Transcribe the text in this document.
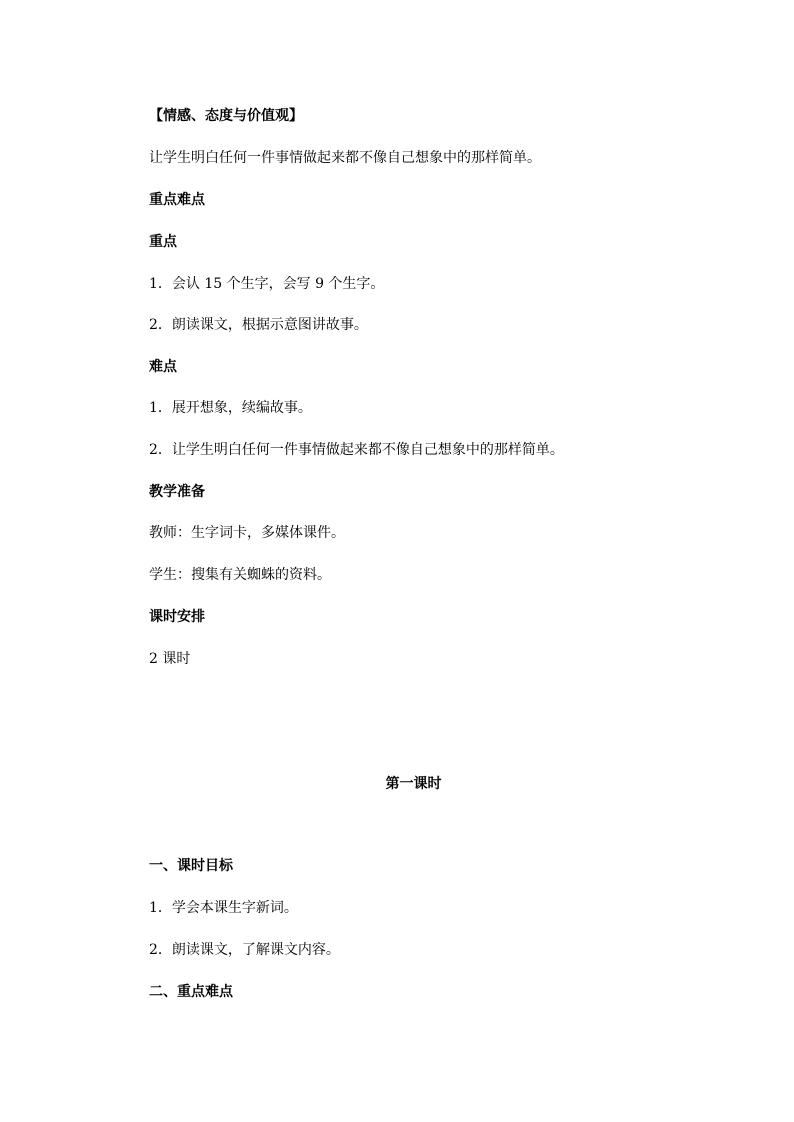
【情感、态度与价值观】
让学生明白任何一件事情做起来都不像自己想象中的那样简单。
重点难点
重点
1．会认 15 个生字，会写 9 个生字。
2．朗读课文，根据示意图讲故事。
难点
1．展开想象，续编故事。
2．让学生明白任何一件事情做起来都不像自己想象中的那样简单。
教学准备
教师：生字词卡，多媒体课件。
学生：搜集有关蜘蛛的资料。
课时安排
2 课时
第一课时
一、课时目标
1．学会本课生字新词。
2．朗读课文，了解课文内容。
二、重点难点
